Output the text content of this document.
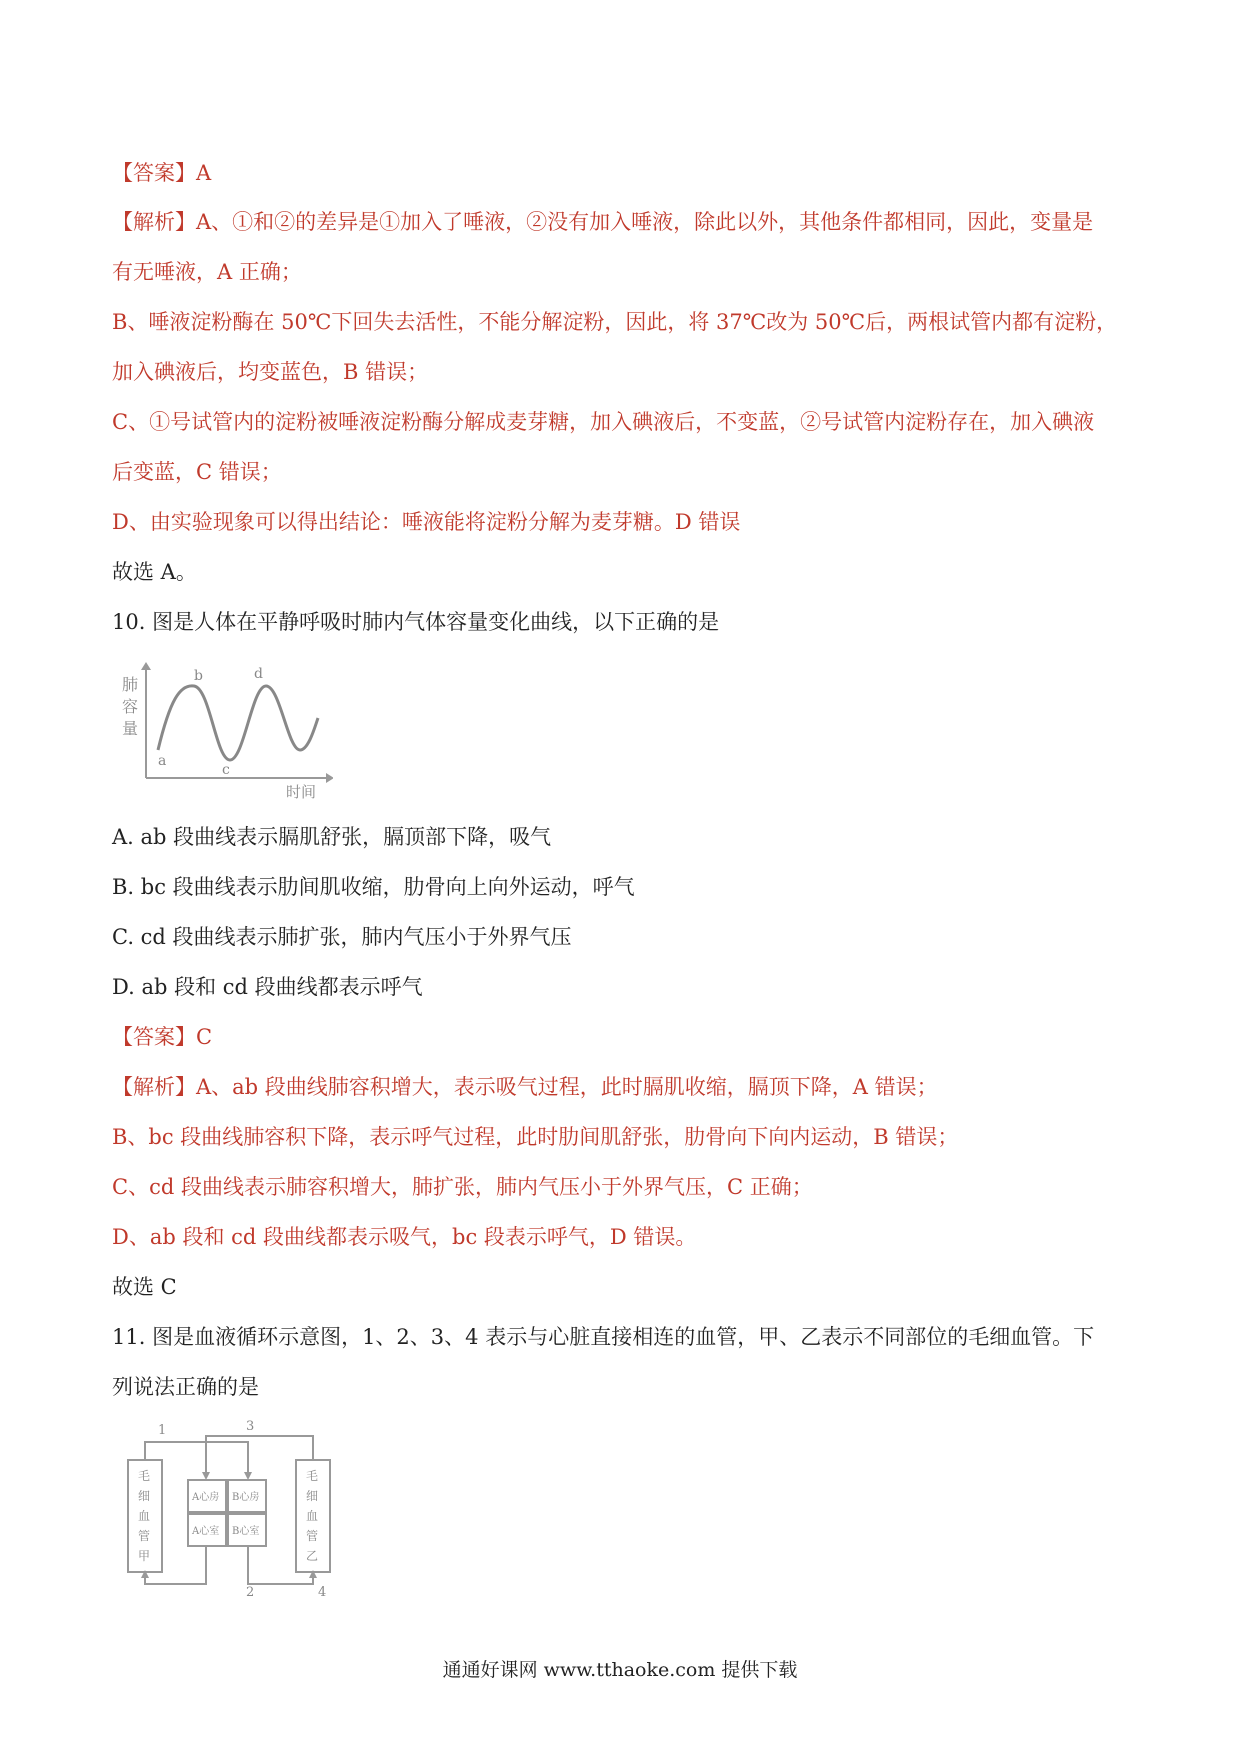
【答案】A
【解析】A、①和②的差异是①加入了唾液，②没有加入唾液，除此以外，其他条件都相同，因此，变量是
有无唾液，A 正确；
B、唾液淀粉酶在 50℃下回失去活性，不能分解淀粉，因此，将 37℃改为 50℃后，两根试管内都有淀粉，
加入碘液后，均变蓝色，B 错误；
C、①号试管内的淀粉被唾液淀粉酶分解成麦芽糖，加入碘液后，不变蓝，②号试管内淀粉存在，加入碘液
后变蓝，C 错误；
D、由实验现象可以得出结论：唾液能将淀粉分解为麦芽糖。D 错误
故选 A。
10. 图是人体在平静呼吸时肺内气体容量变化曲线，以下正确的是
肺
容
量
a
b
c
d
时间
A. ab 段曲线表示膈肌舒张，膈顶部下降，吸气
B. bc 段曲线表示肋间肌收缩，肋骨向上向外运动，呼气
C. cd 段曲线表示肺扩张，肺内气压小于外界气压
D. ab 段和 cd 段曲线都表示呼气
【答案】C
【解析】A、ab 段曲线肺容积增大，表示吸气过程，此时膈肌收缩，膈顶下降，A 错误；
B、bc 段曲线肺容积下降，表示呼气过程，此时肋间肌舒张，肋骨向下向内运动，B 错误；
C、cd 段曲线表示肺容积增大，肺扩张，肺内气压小于外界气压，C 正确；
D、ab 段和 cd 段曲线都表示吸气，bc 段表示呼气，D 错误。
故选 C
11. 图是血液循环示意图，1、2、3、4 表示与心脏直接相连的血管，甲、乙表示不同部位的毛细血管。下
列说法正确的是
1
2
3
4
毛
细
血
管
甲
毛
细
血
管
乙
A心房
A心室
B心房
B心室
通通好课网 www.tthaoke.com 提供下载
